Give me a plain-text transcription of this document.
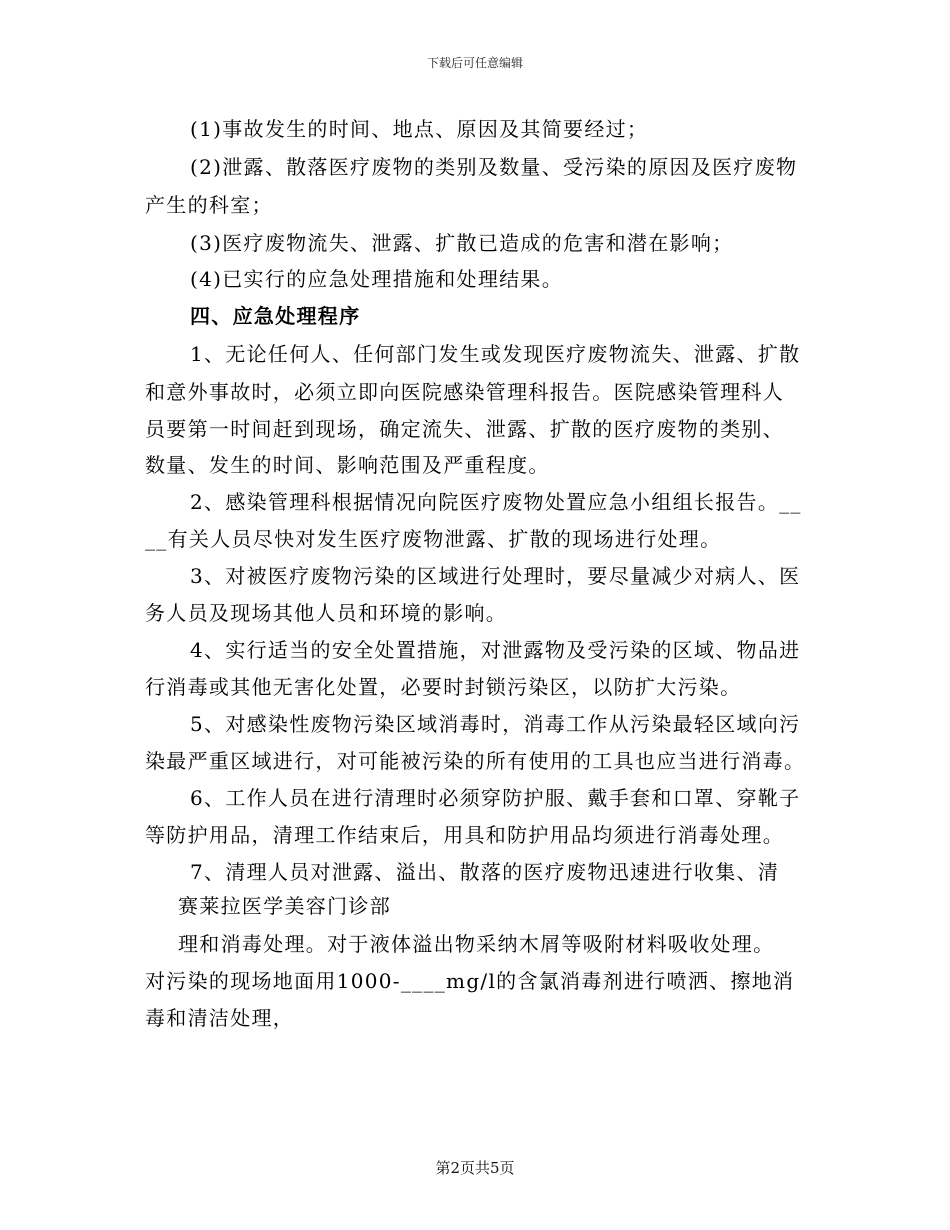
下载后可任意编辑
(1)事故发生的时间、地点、原因及其简要经过；
(2)泄露、散落医疗废物的类别及数量、受污染的原因及医疗废物
产生的科室；
(3)医疗废物流失、泄露、扩散已造成的危害和潜在影响；
(4)已实行的应急处理措施和处理结果。
四、应急处理程序
1、无论任何人、任何部门发生或发现医疗废物流失、泄露、扩散
和意外事故时，必须立即向医院感染管理科报告。医院感染管理科人
员要第一时间赶到现场，确定流失、泄露、扩散的医疗废物的类别、
数量、发生的时间、影响范围及严重程度。
2、感染管理科根据情况向院医疗废物处置应急小组组长报告。__
__有关人员尽快对发生医疗废物泄露、扩散的现场进行处理。
3、对被医疗废物污染的区域进行处理时，要尽量减少对病人、医
务人员及现场其他人员和环境的影响。
4、实行适当的安全处置措施，对泄露物及受污染的区域、物品进
行消毒或其他无害化处置，必要时封锁污染区，以防扩大污染。
5、对感染性废物污染区域消毒时，消毒工作从污染最轻区域向污
染最严重区域进行，对可能被污染的所有使用的工具也应当进行消毒。
6、工作人员在进行清理时必须穿防护服、戴手套和口罩、穿靴子
等防护用品，清理工作结束后，用具和防护用品均须进行消毒处理。
7、清理人员对泄露、溢出、散落的医疗废物迅速进行收集、清
赛莱拉医学美容门诊部
理和消毒处理。对于液体溢出物采纳木屑等吸附材料吸收处理。
对污染的现场地面用1000-____mg/l的含氯消毒剂进行喷洒、擦地消
毒和清洁处理，
第2页共5页
